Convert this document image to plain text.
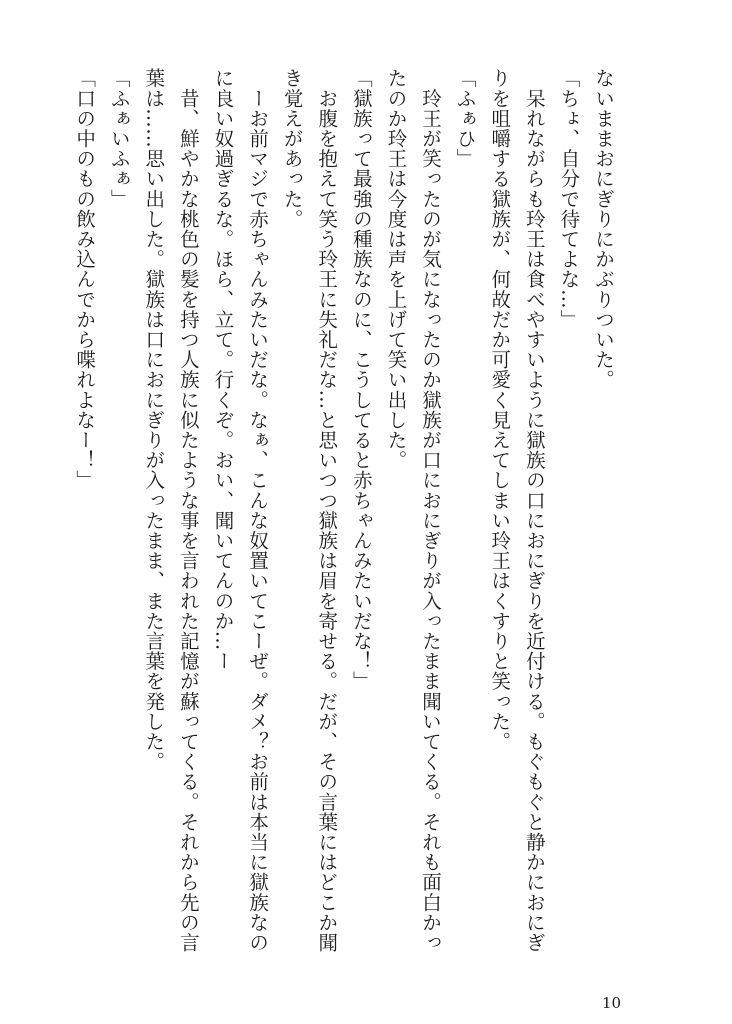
ないままおにぎりにかぶりついた。
「ちょ、自分で待てよな…」
　呆れながらも玲王は食べやすいように獄族の口におにぎりを近付ける。もぐもぐと静かにおにぎ
りを咀嚼する獄族が、何故だか可愛く見えてしまい玲王はくすりと笑った。
「ふぁひ」
　玲王が笑ったのが気になったのか獄族が口におにぎりが入ったまま聞いてくる。それも面白かっ
たのか玲王は今度は声を上げて笑い出した。
「獄族って最強の種族なのに、こうしてると赤ちゃんみたいだな！」
　お腹を抱えて笑う玲王に失礼だな…と思いつつ獄族は眉を寄せる。だが、その言葉にはどこか聞
き覚えがあった。
　ーお前マジで赤ちゃんみたいだな。なぁ、こんな奴置いてこーぜ。ダメ？お前は本当に獄族なの
に良い奴過ぎるな。ほら、立て。行くぞ。おい、聞いてんのか…ー
　昔、鮮やかな桃色の髪を持つ人族に似たような事を言われた記憶が蘇ってくる。それから先の言
葉は……思い出した。獄族は口におにぎりが入ったまま、また言葉を発した。
「ふぁいふぁ」
「口の中のもの飲み込んでから喋れよなー！」
10
